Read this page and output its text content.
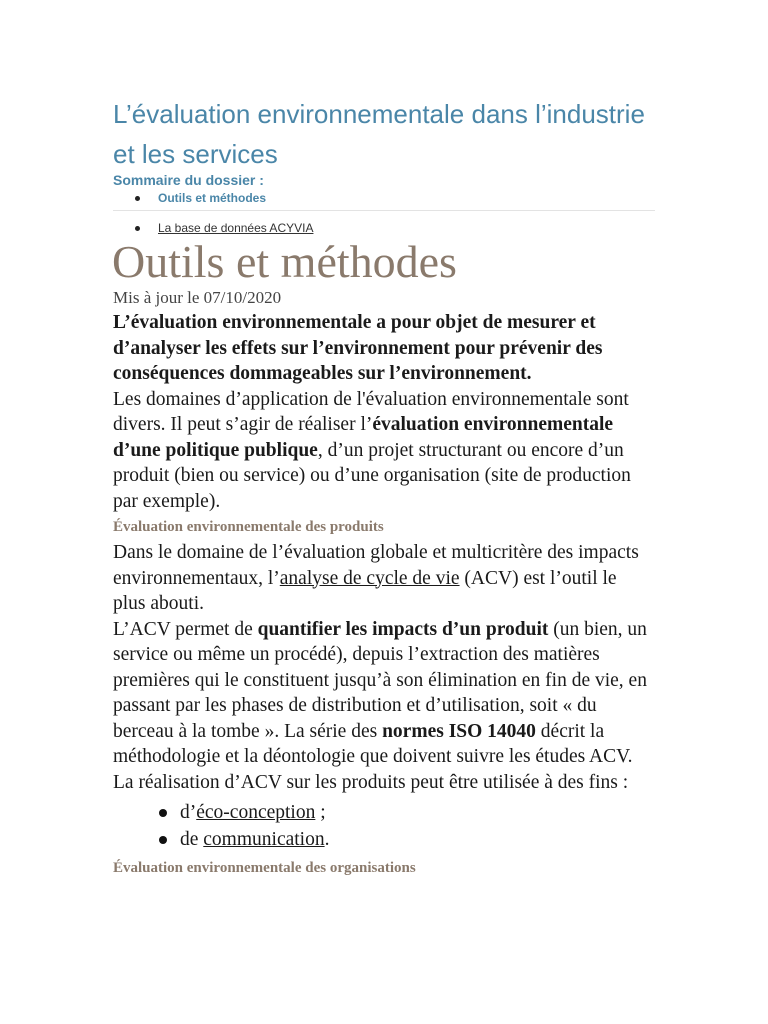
L’évaluation environnementale dans l’industrie et les services

Sommaire du dossier :

Outils et méthodes
La base de données ACYVIA
Outils et méthodes

Mis à jour le 07/10/2020

L’évaluation environnementale a pour objet de mesurer et d’analyser les effets sur l’environnement pour prévenir des conséquences dommageables sur l’environnement.

Les domaines d’application de l'évaluation environnementale sont divers. Il peut s’agir de réaliser l’évaluation environnementale d’une politique publique, d’un projet structurant ou encore d’un produit (bien ou service) ou d’une organisation (site de production par exemple).

Évaluation environnementale des produits

Dans le domaine de l’évaluation globale et multicritère des impacts environnementaux, l’analyse de cycle de vie (ACV) est l’outil le plus abouti.

L’ACV permet de quantifier les impacts d’un produit (un bien, un service ou même un procédé), depuis l’extraction des matières premières qui le constituent jusqu’à son élimination en fin de vie, en passant par les phases de distribution et d’utilisation, soit « du berceau à la tombe ». La série des normes ISO 14040 décrit la méthodologie et la déontologie que doivent suivre les études ACV.

La réalisation d’ACV sur les produits peut être utilisée à des fins :

d’éco-conception ;
de communication.
Évaluation environnementale des organisations
